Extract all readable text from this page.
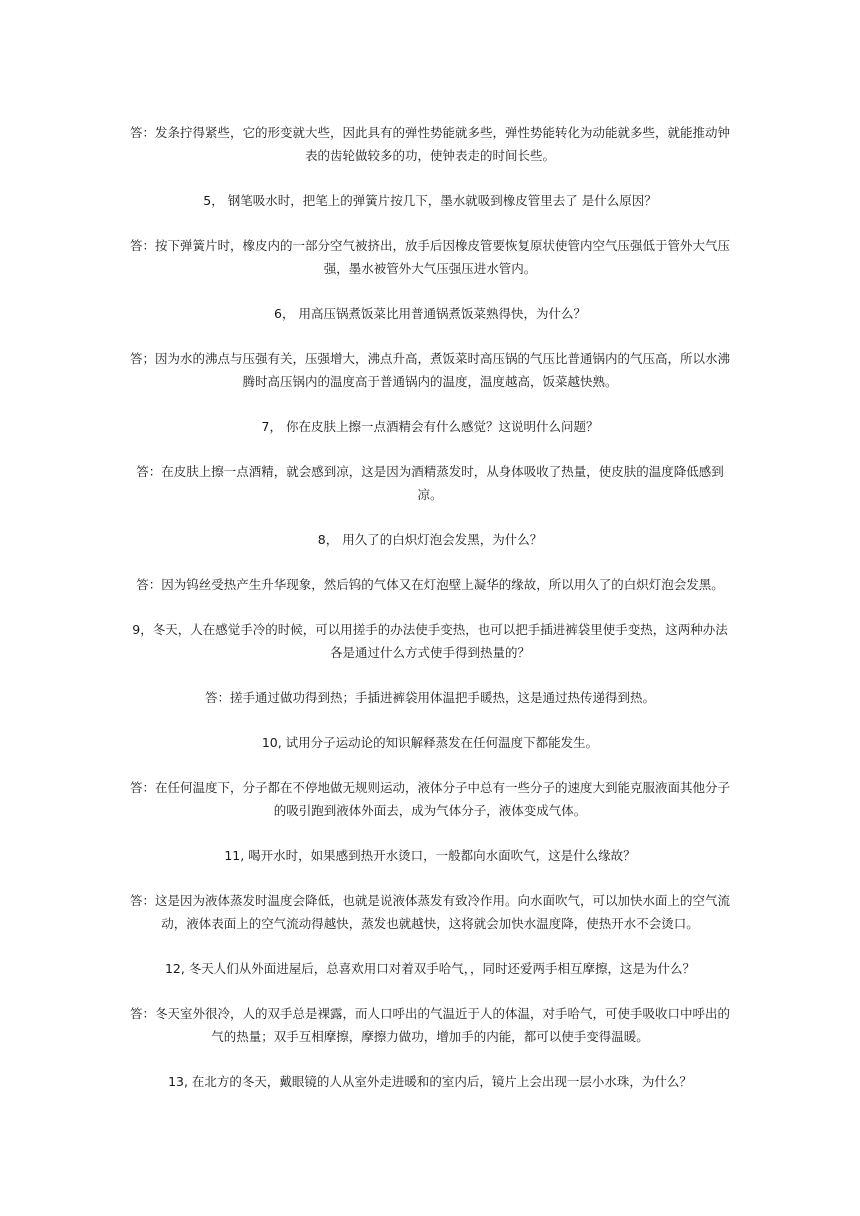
答：发条拧得紧些，它的形变就大些，因此具有的弹性势能就多些，弹性势能转化为动能就多些，就能推动钟表的齿轮做较多的功，使钟表走的时间长些。

5， 钢笔吸水时，把笔上的弹簧片按几下，墨水就吸到橡皮管里去了 是什么原因？

答：按下弹簧片时，橡皮内的一部分空气被挤出，放手后因橡皮管要恢复原状使管内空气压强低于管外大气压强，墨水被管外大气压强压进水管内。

6， 用高压锅煮饭菜比用普通锅煮饭菜熟得快，为什么？

答；因为水的沸点与压强有关，压强增大，沸点升高，煮饭菜时高压锅的气压比普通锅内的气压高，所以水沸腾时高压锅内的温度高于普通锅内的温度，温度越高，饭菜越快熟。

7， 你在皮肤上擦一点酒精会有什么感觉？这说明什么问题？

答：在皮肤上擦一点酒精，就会感到凉，这是因为酒精蒸发时，从身体吸收了热量，使皮肤的温度降低感到凉。

8， 用久了的白炽灯泡会发黑，为什么？

答：因为钨丝受热产生升华现象，然后钨的气体又在灯泡壁上凝华的缘故，所以用久了的白炽灯泡会发黑。

9，冬天，人在感觉手冷的时候，可以用搓手的办法使手变热，也可以把手插进裤袋里使手变热，这两种办法各是通过什么方式使手得到热量的？

答：搓手通过做功得到热；手插进裤袋用体温把手暖热，这是通过热传递得到热。

10, 试用分子运动论的知识解释蒸发在任何温度下都能发生。

答：在任何温度下，分子都在不停地做无规则运动，液体分子中总有一些分子的速度大到能克服液面其他分子的吸引跑到液体外面去，成为气体分子，液体变成气体。

11, 喝开水时，如果感到热开水烫口，一般都向水面吹气，这是什么缘故？

答：这是因为液体蒸发时温度会降低，也就是说液体蒸发有致冷作用。向水面吹气，可以加快水面上的空气流动，液体表面上的空气流动得越快，蒸发也就越快，这将就会加快水温度降，使热开水不会烫口。

12, 冬天人们从外面进屋后，总喜欢用口对着双手哈气，，同时还爱两手相互摩擦，这是为什么？

答：冬天室外很冷，人的双手总是裸露，而人口呼出的气温近于人的体温，对手哈气，可使手吸收口中呼出的气的热量；双手互相摩擦，摩擦力做功，增加手的内能，都可以使手变得温暖。

13, 在北方的冬天，戴眼镜的人从室外走进暖和的室内后，镜片上会出现一层小水珠，为什么？
